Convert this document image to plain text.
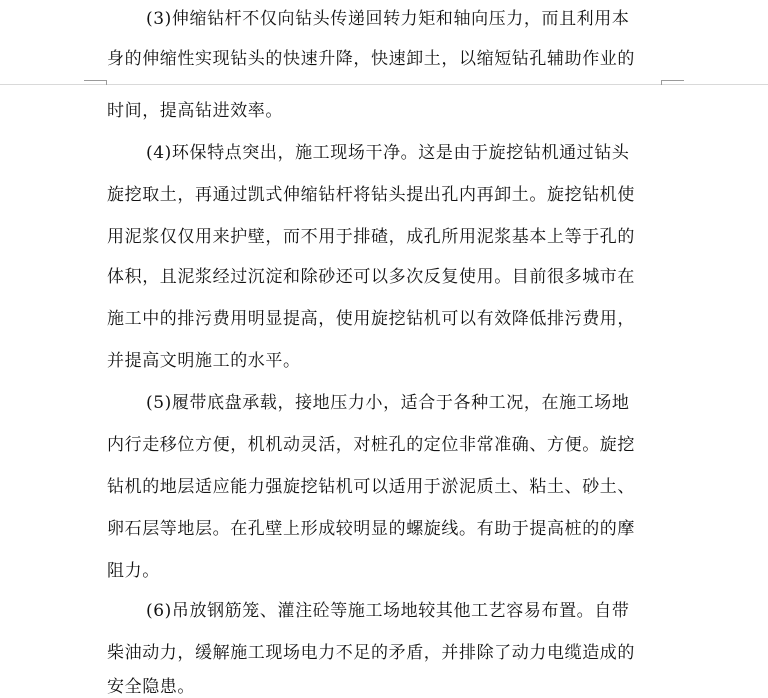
(3)伸缩钻杆不仅向钻头传递回转力矩和轴向压力，而且利用本
身的伸缩性实现钻头的快速升降，快速卸土，以缩短钻孔辅助作业的
时间，提高钻进效率。
(4)环保特点突出，施工现场干净。这是由于旋挖钻机通过钻头
旋挖取土，再通过凯式伸缩钻杆将钻头提出孔内再卸土。旋挖钻机使
用泥浆仅仅用来护壁，而不用于排碴，成孔所用泥浆基本上等于孔的
体积，且泥浆经过沉淀和除砂还可以多次反复使用。目前很多城市在
施工中的排污费用明显提高，使用旋挖钻机可以有效降低排污费用，
并提高文明施工的水平。
(5)履带底盘承载，接地压力小，适合于各种工况，在施工场地
内行走移位方便，机机动灵活，对桩孔的定位非常准确、方便。旋挖
钻机的地层适应能力强旋挖钻机可以适用于淤泥质土、粘土、砂土、
卵石层等地层。在孔壁上形成较明显的螺旋线。有助于提高桩的的摩
阻力。
(6)吊放钢筋笼、灌注砼等施工场地较其他工艺容易布置。自带
柴油动力，缓解施工现场电力不足的矛盾，并排除了动力电缆造成的
安全隐患。
